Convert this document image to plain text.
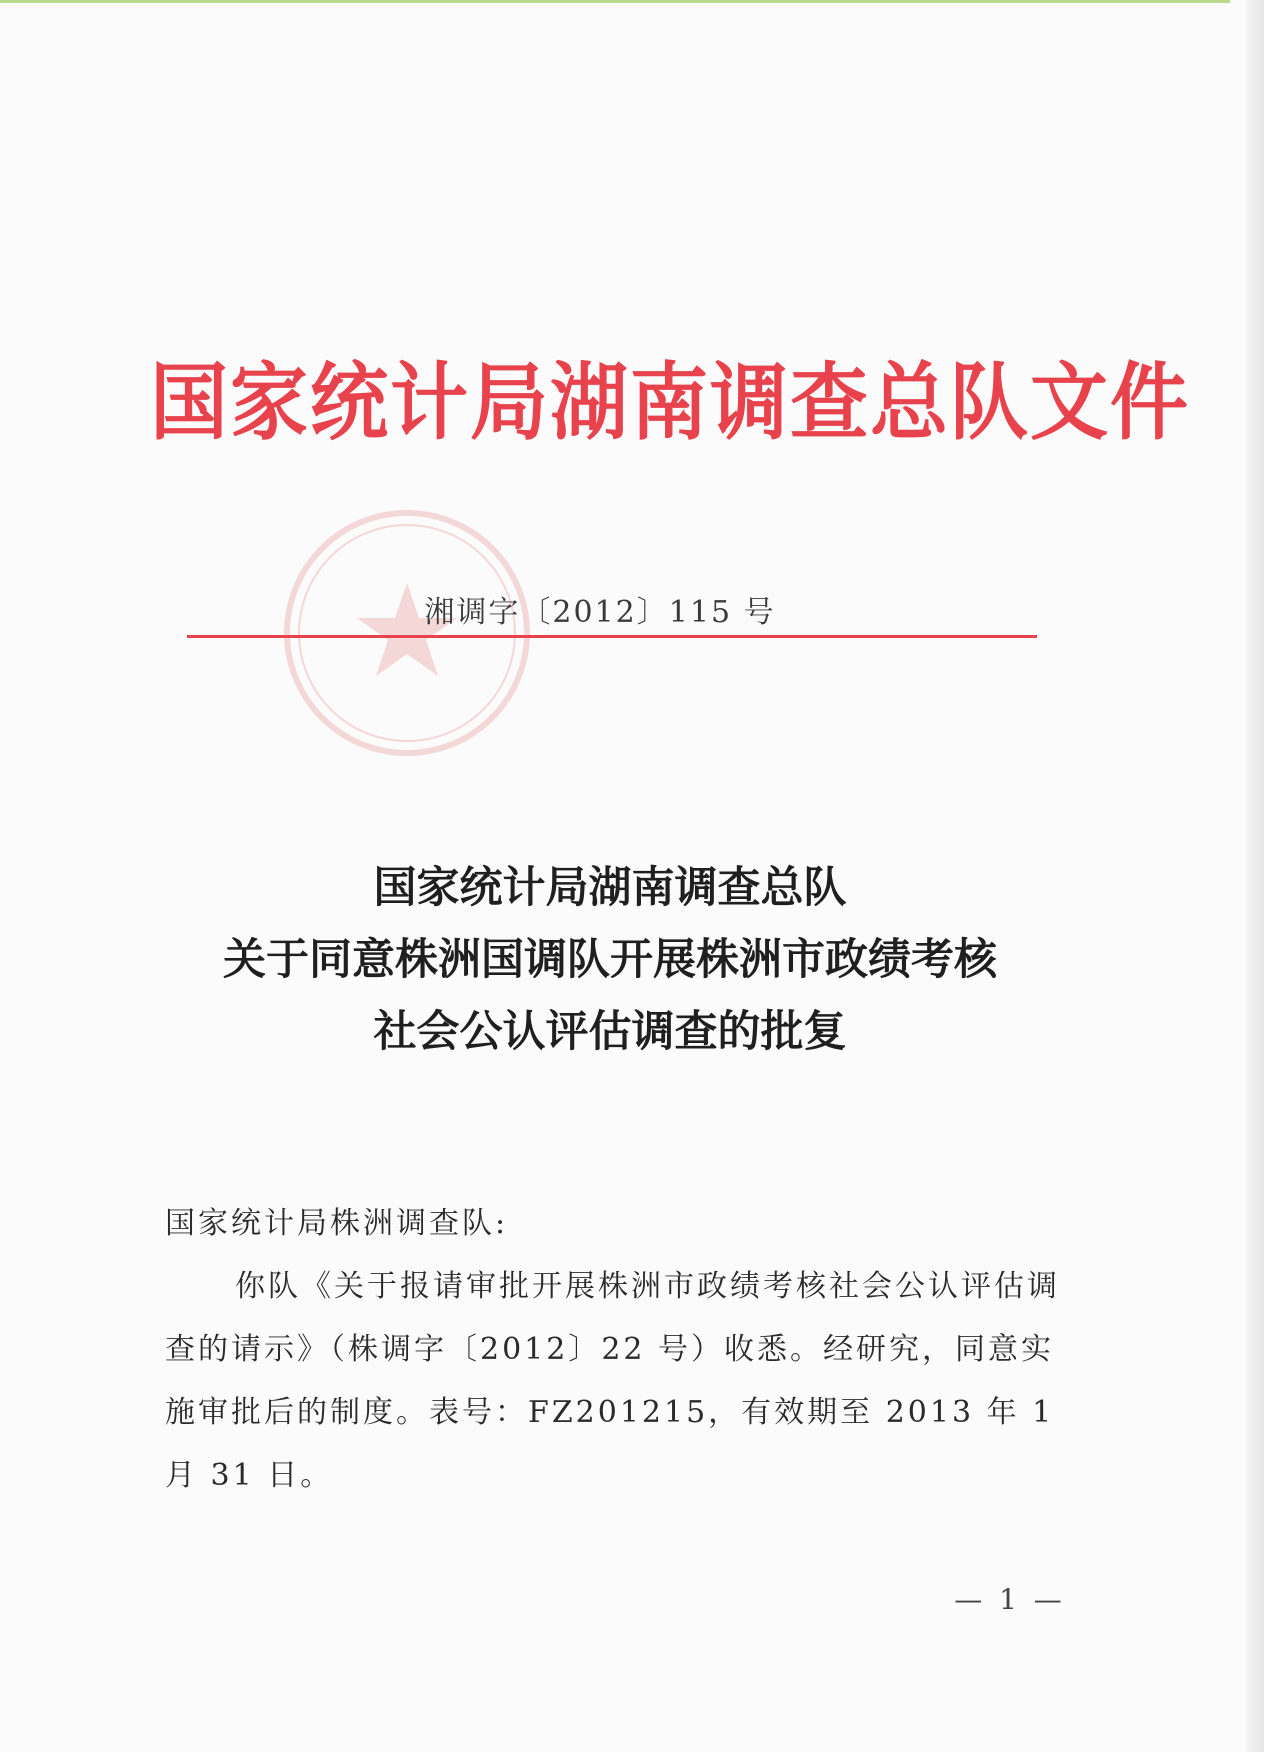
国家统计局湖南调查总队文件
湘调字〔2012〕115 号
国家统计局湖南调查总队
关于同意株洲国调队开展株洲市政绩考核
社会公认评估调查的批复
国家统计局株洲调查队:
你队《关于报请审批开展株洲市政绩考核社会公认评估调查的请示》（株调字〔2012〕22 号）收悉。经研究，同意实施审批后的制度。表号：FZ201215，有效期至 2013 年 1 月 31 日。
— 1 —
